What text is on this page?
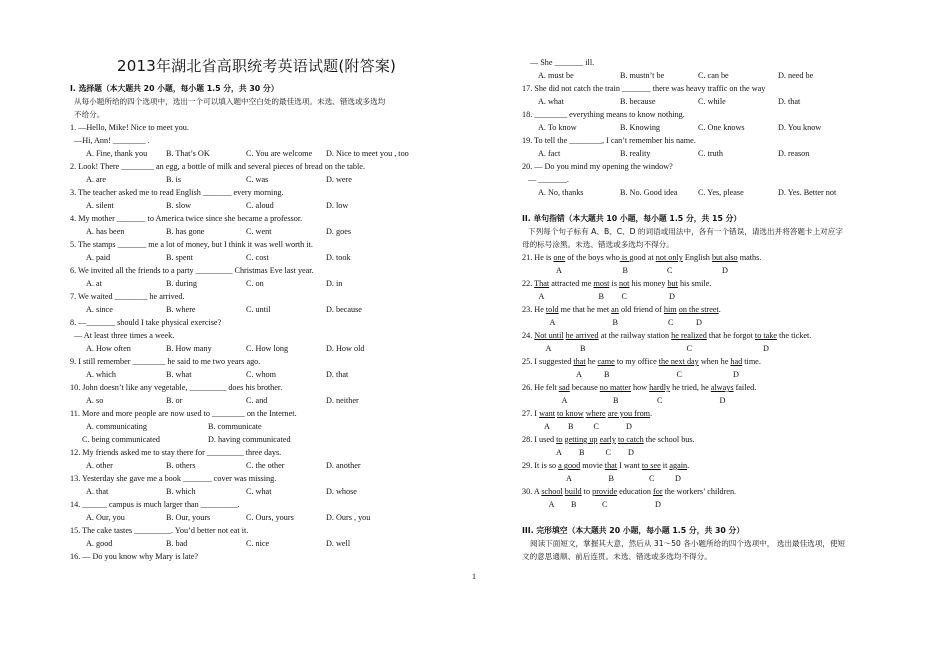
2013年湖北省高职统考英语试题(附答案)
I. 选择题（本大题共 20 小题，每小题 1.5 分，共 30 分）
从每小题所给的四个选项中，选出一个可以填入题中空白处的最佳选项。未选、错选或多选均
不给分。
1. —Hello, Mike! Nice to meet you.
—Hi, Ann! ________ .
A. Fine, thank you B. That’s OK	C. You are welcome D. Nice to meet you , too
2. Look! There ________ an egg, a bottle of milk and several pieces of bread on the table.
A. are	B. is	C. was	D. were
3. The teacher asked me to read English _______ every morning.
A. silent	B. slow	C. aloud	D. low
4. My mother _______ to America twice since she became a professor.
A. has been	B. has gone	C. went	D. goes
5. The stamps _______ me a lot of money, but I think it was well worth it.
A. paid	B. spent	C. cost	D. took
6. We invited all the friends to a party _________ Christmas Eve last year.
A. at	B. during	C. on	D. in
7. We waited ________ he arrived.
A. since	B. where	C. until	D. because
8. —_______ should I take physical exercise?
— At least three times a week.
A. How often	B. How many	C. How long	D. How old
9. I still remember ________ he said to me two years ago.
A. which	B. what	C. whom	D. that
10. John doesn’t like any vegetable, _________ does his brother.
A. so	B. or	C. and	D. neither
11. More and more people are now used to ________ on the Internet.
A. communicating	B. communicate
C. being communicated	D. having communicated
12. My friends asked me to stay there for _________ three days.
A. other	B. others	C. the other	D. another
13. Yesterday she gave me a book _______ cover was missing.
A. that	B. which	C. what	D. whose
14. ______ campus is much larger than _________.
A. Our, you	B. Our, yours	C. Ours, yours	D. Ours , you
15. The cake tastes _________. You’d better not eat it.
A. good	B. bad	C. nice	D. well
16. — Do you know why Mary is late?
— She _______ ill.
A. must be	B. mustn’t be	C. can be	D. need be
17. She did not catch the train _______ there was heavy traffic on the way
A. what	B. because	C. while	D. that
18. ________ everything means to know nothing.
A. To know	B. Knowing	C. One knows	D. You know
19. To tell the ________, I can’t remember his name.
A. fact	B. reality	C. truth	D. reason
20. — Do you mind my opening the window?
— _______.
A. No, thanks	B. No. Good idea C. Yes, please	D. Yes. Better not
II. 单句指错（本大题共 10 小题，每小题 1.5 分，共 15 分）
下列每个句子标有 A、B、C、D 的词语或用法中，各有一个错误，请选出并将答题卡上对应字
母的标号涂黑。未选、错选或多选均不得分。
21. He is one of the boys who is good at not only English but also maths.
A	B	C	D
22. That attracted me most is not his money but his smile.
A	B C	D
23. He told me that he met an old friend of him on the street.
A	B	C	D
24. Not until he arrived at the railway station he realized that he forgot to take the ticket.
A	B	C	D
25. I suggested that he came to my office the next day when he had time.
A	B	C	D
26. He felt sad because no matter how hardly he tried, he always failed.
A	B	C	D
27. I want to know where are you from.
A B C	D
28. I used to getting up early to catch the school bus.
A B	C D
29. It is so a good movie that I want to see it again.
A	B	C	D
30. A school build to provide education for the workers’ children.
A B	C	D
III. 完形填空（本大题共 20 小题，每小题 1.5 分，共 30 分）
阅读下面短文，掌握其大意，然后从 31～50 各小题所给的四个选项中， 选出最佳选项，使短
文的意思通顺、前后连贯。未选、错选或多选均不得分。
1
